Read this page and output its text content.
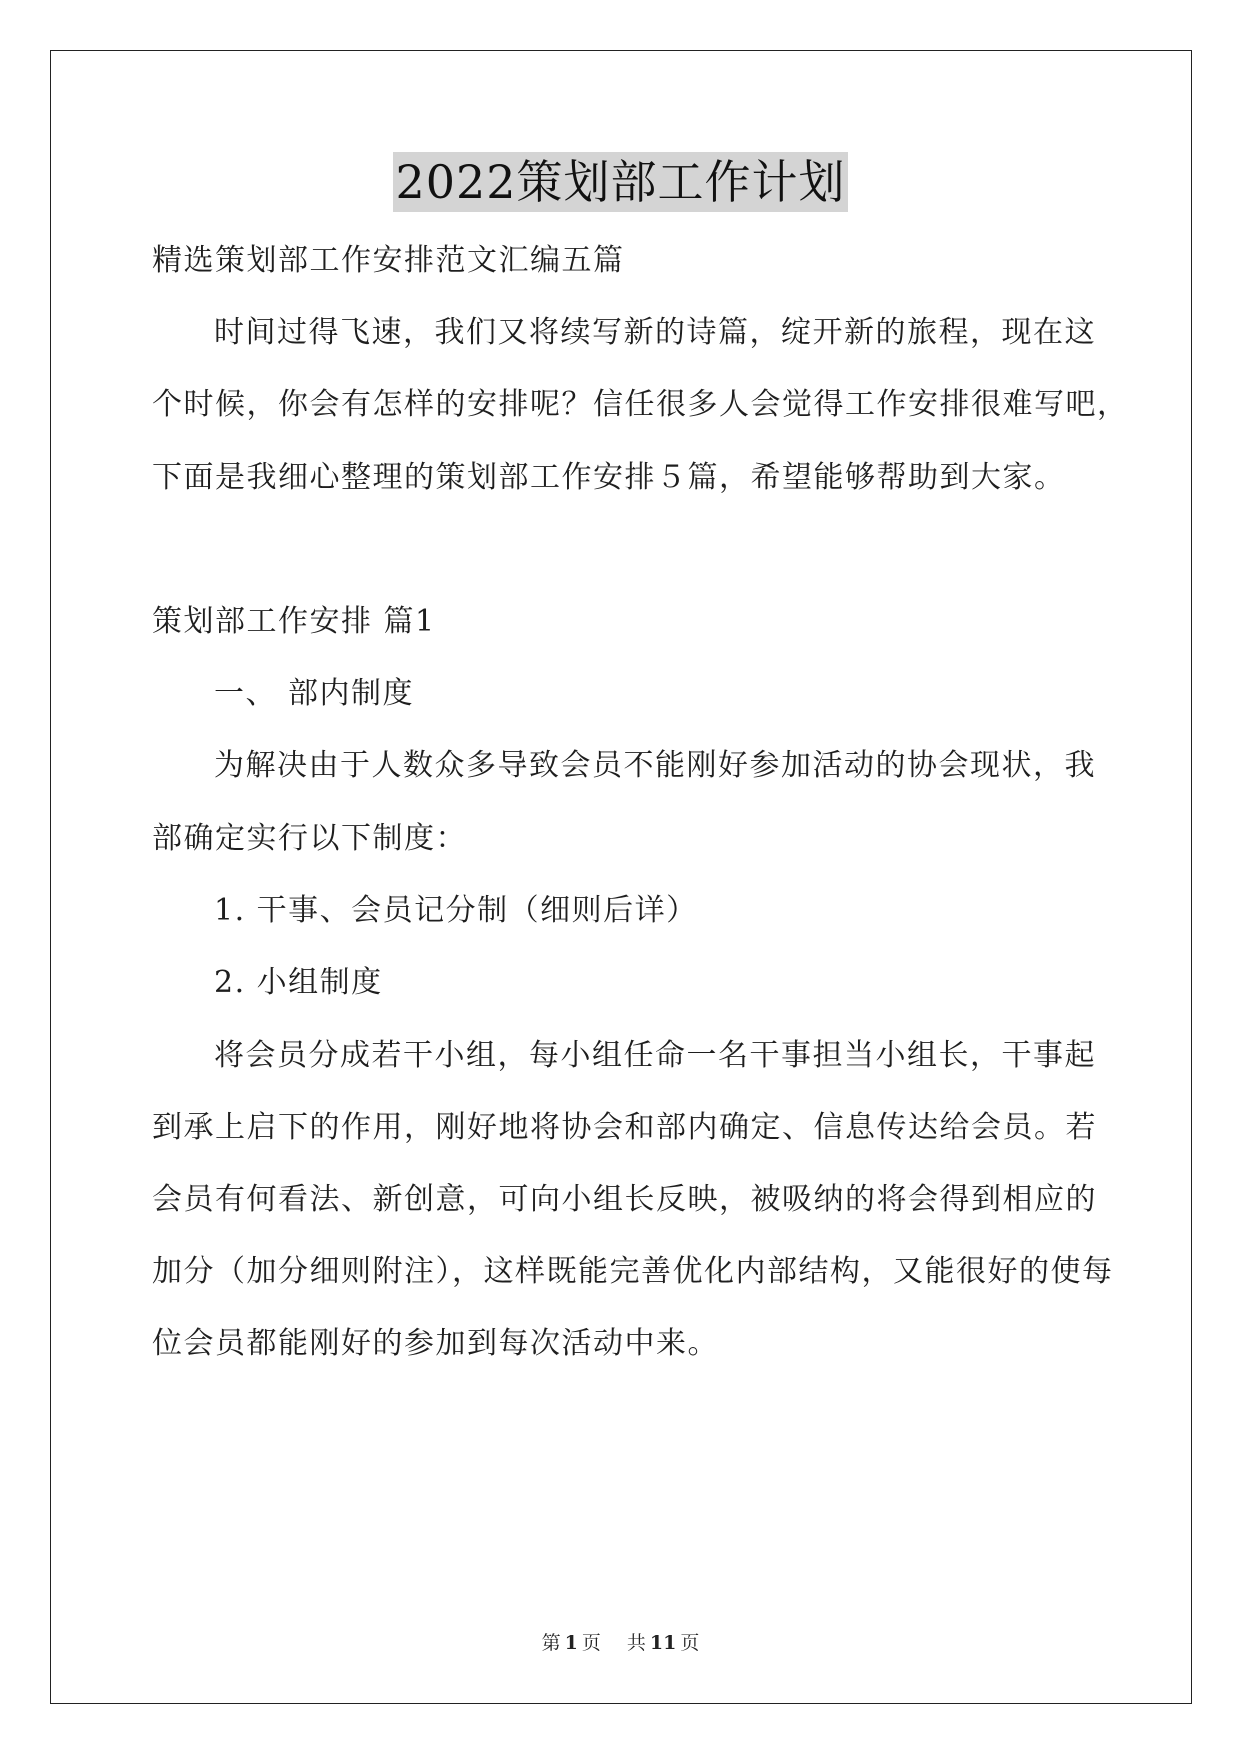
2022策划部工作计划
精选策划部工作安排范文汇编五篇
时间过得飞速，我们又将续写新的诗篇，绽开新的旅程，现在这
个时候，你会有怎样的安排呢？信任很多人会觉得工作安排很难写吧，
下面是我细心整理的策划部工作安排５篇，希望能够帮助到大家。
策划部工作安排 篇1
一、 部内制度
为解决由于人数众多导致会员不能刚好参加活动的协会现状，我
部确定实行以下制度：
1. 干事、会员记分制（细则后详）
2. 小组制度
将会员分成若干小组，每小组任命一名干事担当小组长，干事起
到承上启下的作用，刚好地将协会和部内确定、信息传达给会员。若
会员有何看法、新创意，可向小组长反映，被吸纳的将会得到相应的
加分（加分细则附注），这样既能完善优化内部结构，又能很好的使每
位会员都能刚好的参加到每次活动中来。
第 1 页 共 11 页
